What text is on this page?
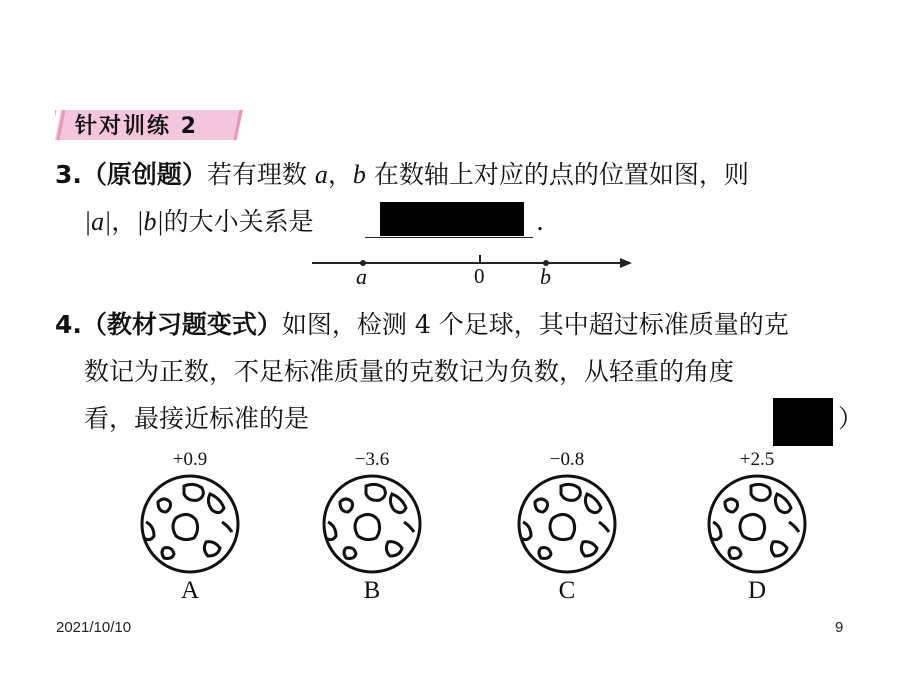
针对训练 2
3.（原创题）若有理数 a，b 在数轴上对应的点的位置如图，则
|a|，|b|的大小关系是	.
a	0	b
4.（教材习题变式）如图，检测 4 个足球，其中超过标准质量的克
数记为正数，不足标准质量的克数记为负数，从轻重的角度
看，最接近标准的是	）
+0.9
A
−3.6
B
−0.8
C
+2.5
D
2021/10/10	9
